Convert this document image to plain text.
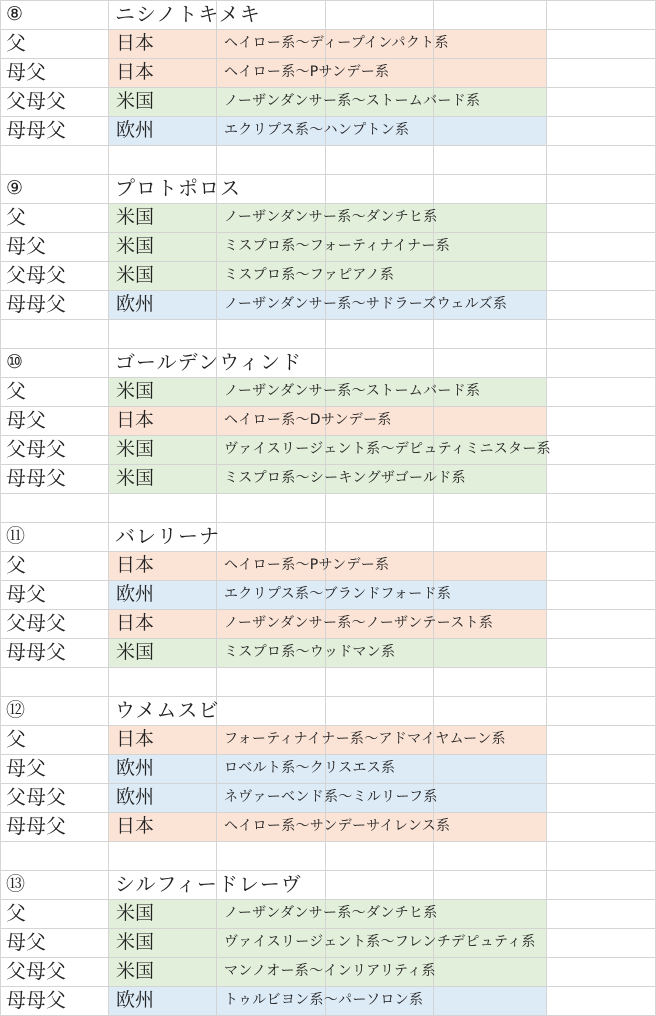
⑧	ニシノトキメキ
父	日本	ヘイロー系～ディープインパクト系
母父	日本	ヘイロー系～Pサンデー系
父母父	米国	ノーザンダンサー系～ストームバード系
母母父	欧州	エクリプス系～ハンプトン系
⑨	プロトポロス
父	米国	ノーザンダンサー系～ダンチヒ系
母父	米国	ミスプロ系～フォーティナイナー系
父母父	米国	ミスプロ系～ファピアノ系
母母父	欧州	ノーザンダンサー系～サドラーズウェルズ系
⑩	ゴールデンウィンド
父	米国	ノーザンダンサー系～ストームバード系
母父	日本	ヘイロー系～Dサンデー系
父母父	米国	ヴァイスリージェント系～デピュティミニスター系
母母父	米国	ミスプロ系～シーキングザゴールド系
⑪	バレリーナ
父	日本	ヘイロー系～Pサンデー系
母父	欧州	エクリプス系～ブランドフォード系
父母父	日本	ノーザンダンサー系～ノーザンテースト系
母母父	米国	ミスプロ系～ウッドマン系
⑫	ウメムスビ
父	日本	フォーティナイナー系～アドマイヤムーン系
母父	欧州	ロベルト系～クリスエス系
父母父	欧州	ネヴァーベンド系～ミルリーフ系
母母父	日本	ヘイロー系～サンデーサイレンス系
⑬	シルフィードレーヴ
父	米国	ノーザンダンサー系～ダンチヒ系
母父	米国	ヴァイスリージェント系～フレンチデピュティ系
父母父	米国	マンノオー系～インリアリティ系
母母父	欧州	トゥルビヨン系～パーソロン系
